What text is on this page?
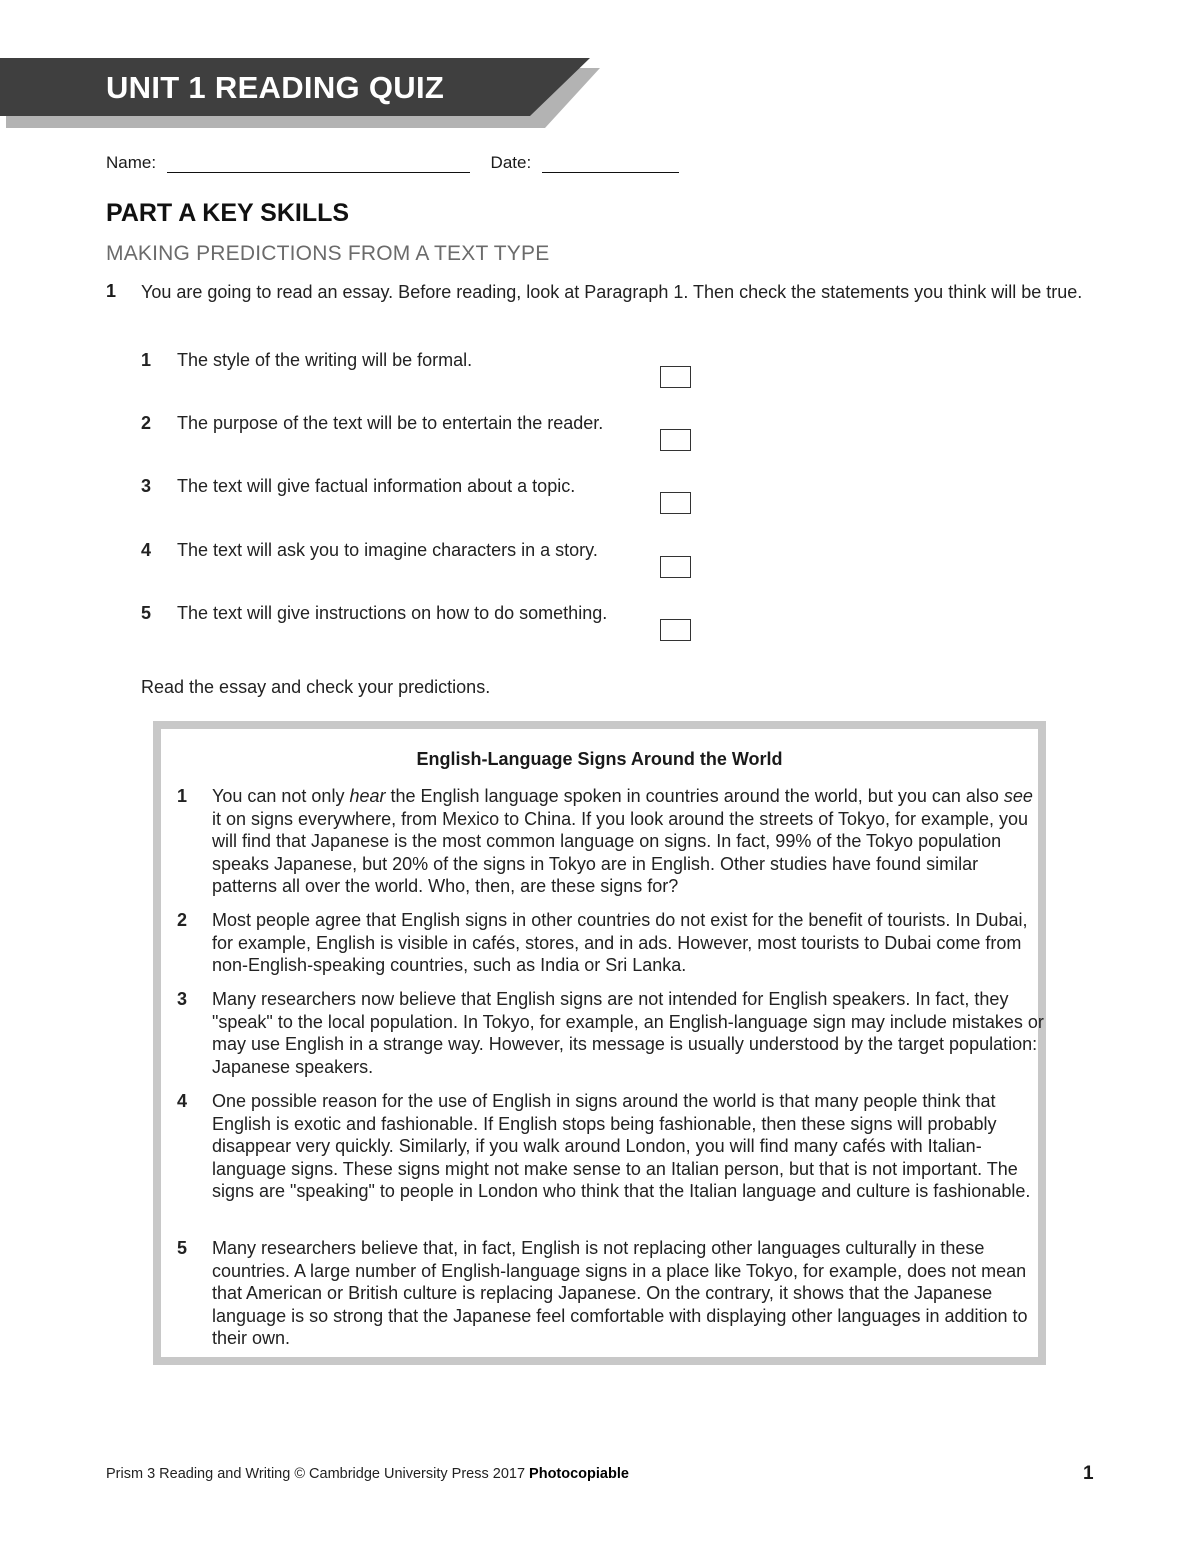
UNIT 1 READING QUIZ
Name:	Date:
PART A KEY SKILLS
MAKING PREDICTIONS FROM A TEXT TYPE
1 You are going to read an essay. Before reading, look at Paragraph 1. Then check the statements you think will be true.
1 The style of the writing will be formal.
2 The purpose of the text will be to entertain the reader.
3 The text will give factual information about a topic.
4 The text will ask you to imagine characters in a story.
5 The text will give instructions on how to do something.
Read the essay and check your predictions.
English-Language Signs Around the World
1 You can not only hear the English language spoken in countries around the world, but you can also see it on signs everywhere, from Mexico to China. If you look around the streets of Tokyo, for example, you will find that Japanese is the most common language on signs. In fact, 99% of the Tokyo population speaks Japanese, but 20% of the signs in Tokyo are in English. Other studies have found similar patterns all over the world. Who, then, are these signs for?

2 Most people agree that English signs in other countries do not exist for the benefit of tourists. In Dubai, for example, English is visible in cafés, stores, and in ads. However, most tourists to Dubai come from non-English-speaking countries, such as India or Sri Lanka.

3 Many researchers now believe that English signs are not intended for English speakers. In fact, they "speak" to the local population. In Tokyo, for example, an English-language sign may include mistakes or may use English in a strange way. However, its message is usually understood by the target population: Japanese speakers.

4 One possible reason for the use of English in signs around the world is that many people think that English is exotic and fashionable. If English stops being fashionable, then these signs will probably disappear very quickly. Similarly, if you walk around London, you will find many cafés with Italian- language signs. These signs might not make sense to an Italian person, but that is not important. The signs are "speaking" to people in London who think that the Italian language and culture is fashionable.

5 Many researchers believe that, in fact, English is not replacing other languages culturally in these countries. A large number of English-language signs in a place like Tokyo, for example, does not mean that American or British culture is replacing Japanese. On the contrary, it shows that the Japanese language is so strong that the Japanese feel comfortable with displaying other languages in addition to their own.

Prism 3 Reading and Writing © Cambridge University Press 2017 Photocopiable	1
